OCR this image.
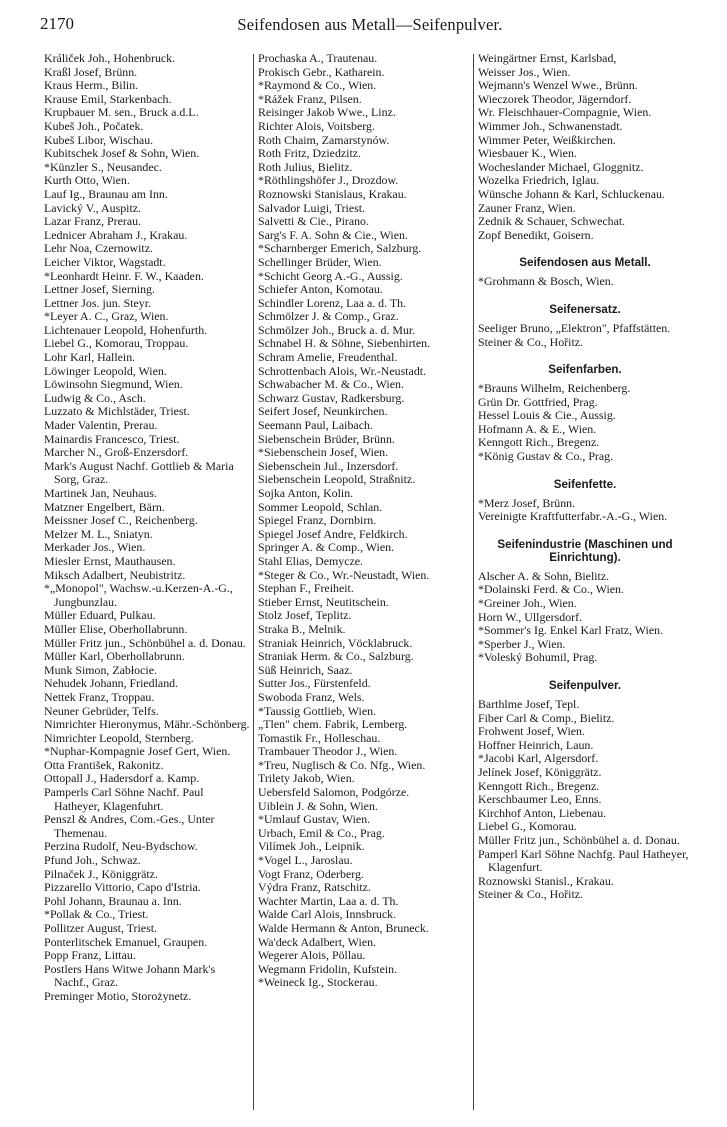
2170	Seifendosen aus Metall—Seifenpulver.
Králiček Joh., Hohenbruck.
Kraßl Josef, Brünn.
Kraus Herm., Bilin.
Krause Emil, Starkenbach.
Krupbauer M. sen., Bruck a.d.L.
Kubeš Joh., Počatek.
Kubeš Libor, Wischau.
Kubitschek Josef & Sohn, Wien.
*Künzler S., Neusandec.
Kurth Otto, Wien.
Lauf Ig., Braunau am Inn.
Lavický V., Auspitz.
Lazar Franz, Prerau.
Lednicer Abraham J., Krakau.
Lehr Noa, Czernowitz.
Leicher Viktor, Wagstadt.
*Leonhardt Heinr. F. W., Kaaden.
Lettner Josef, Sierning.
Lettner Jos. jun. Steyr.
*Leyer A. C., Graz, Wien.
Lichtenauer Leopold, Hohenfurth.
Liebel G., Komorau, Troppau.
Lohr Karl, Hallein.
Löwinger Leopold, Wien.
Löwinsohn Siegmund, Wien.
Ludwig & Co., Asch.
Luzzato & Michlstäder, Triest.
Mader Valentin, Prerau.
Mainardis Francesco, Triest.
Marcher N., Groß-Enzersdorf.
Mark's August Nachf. Gottlieb & Maria Sorg, Graz.
Martinek Jan, Neuhaus.
Matzner Engelbert, Bärn.
Meissner Josef C., Reichenberg.
Melzer M. L., Sniatyn.
Merkader Jos., Wien.
Miesler Ernst, Mauthausen.
Miksch Adalbert, Neubistritz.
*„Monopol", Wachsw.-u.Kerzen-A.-G., Jungbunzlau.
Müller Eduard, Pulkau.
Müller Elise, Oberhollabrunn.
Müller Fritz jun., Schönbühel a. d. Donau.
Müller Karl, Oberhollabrunn.
Munk Simon, Zabłocie.
Nehudek Johann, Friedland.
Nettek Franz, Troppau.
Neuner Gebrüder, Telfs.
Nimrichter Hieronymus, Mähr.-Schönberg.
Nimrichter Leopold, Sternberg.
*Nuphar-Kompagnie Josef Gert, Wien.
Otta František, Rakonitz.
Ottopall J., Hadersdorf a. Kamp.
Pamperls Carl Söhne Nachf. Paul Hatheyer, Klagenfuhrt.
Penszl & Andres, Com.-Ges., Unter Themenau.
Perzina Rudolf, Neu-Bydschow.
Pfund Joh., Schwaz.
Pilnaček J., Königgrätz.
Pizzarello Vittorio, Capo d'Istria.
Pohl Johann, Braunau a. Inn.
*Pollak & Co., Triest.
Pollitzer August, Triest.
Ponterlitschek Emanuel, Graupen.
Popp Franz, Littau.
Postlers Hans Witwe Johann Mark's Nachf., Graz.
Preminger Motio, Storożynetz.
Prochaska A., Trautenau.
Prokisch Gebr., Katharein.
*Raymond & Co., Wien.
*Rážek Franz, Pilsen.
Reisinger Jakob Wwe., Linz.
Richter Alois, Voitsberg.
Roth Chaim, Zamarstynów.
Roth Fritz, Dziedzitz.
Roth Julius, Bielitz.
*Röthlingshöfer J., Drozdow.
Roznowski Stanislaus, Krakau.
Salvador Luigi, Triest.
Salvetti & Cie., Pirano.
Sarg's F. A. Sohn & Cie., Wien.
*Scharnberger Emerich, Salzburg.
Schellinger Brüder, Wien.
*Schicht Georg A.-G., Aussig.
Schiefer Anton, Komotau.
Schindler Lorenz, Laa a. d. Th.
Schmölzer J. & Comp., Graz.
Schmölzer Joh., Bruck a. d. Mur.
Schnabel H. & Söhne, Siebenhirten.
Schram Amelie, Freudenthal.
Schrottenbach Alois, Wr.-Neustadt.
Schwabacher M. & Co., Wien.
Schwarz Gustav, Radkersburg.
Seifert Josef, Neunkirchen.
Seemann Paul, Laibach.
Siebenschein Brüder, Brünn.
*Siebenschein Josef, Wien.
Siebenschein Jul., Inzersdorf.
Siebenschein Leopold, Straßnitz.
Sojka Anton, Kolin.
Sommer Leopold, Schlan.
Spiegel Franz, Dornbirn.
Spiegel Josef Andre, Feldkirch.
Springer A. & Comp., Wien.
Stahl Elias, Demycze.
*Steger & Co., Wr.-Neustadt, Wien.
Stephan F., Freiheit.
Stieber Ernst, Neutitschein.
Stolz Josef, Teplitz.
Straka B., Melnik.
Straniak Heinrich, Vöcklabruck.
Straniak Herm. & Co., Salzburg.
Süß Heinrich, Saaz.
Sutter Jos., Fürstenfeld.
Swoboda Franz, Wels.
*Taussig Gottlieb, Wien.
„Tlen" chem. Fabrik, Lemberg.
Tomastik Fr., Holleschau.
Trambauer Theodor J., Wien.
*Treu, Nuglisch & Co. Nfg., Wien.
Trilety Jakob, Wien.
Uebersfeld Salomon, Podgórze.
Uiblein J. & Sohn, Wien.
*Umlauf Gustav, Wien.
Urbach, Emil & Co., Prag.
Vilímek Joh., Leipnik.
*Vogel L., Jaroslau.
Vogt Franz, Oderberg.
Výdra Franz, Ratschitz.
Wachter Martin, Laa a. d. Th.
Walde Carl Alois, Innsbruck.
Walde Hermann & Anton, Bruneck.
Wa'deck Adalbert, Wien.
Wegerer Alois, Pöllau.
Wegmann Fridolin, Kufstein.
*Weineck Ig., Stockerau.
Weingärtner Ernst, Karlsbad,
Weisser Jos., Wien.
Wejmann's Wenzel Wwe., Brünn.
Wieczorek Theodor, Jägerndorf.
Wr. Fleischhauer-Compagnie, Wien.
Wimmer Joh., Schwanenstadt.
Wimmer Peter, Weißkirchen.
Wiesbauer K., Wien.
Wocheslander Michael, Gloggnitz.
Wozelka Friedrich, Iglau.
Wünsche Johann & Karl, Schluckenau.
Zauner Franz, Wien.
Zednik & Schauer, Schwechat.
Zopf Benedikt, Goisern.
Seifendosen aus Metall.
*Grohmann & Bosch, Wien.
Seifenersatz.
Seeliger Bruno, „Elektron", Pfaffstätten.
Steiner & Co., Hořitz.
Seifenfarben.
*Brauns Wilhelm, Reichenberg.
Grün Dr. Gottfried, Prag.
Hessel Louis & Cie., Aussig.
Hofmann A. & E., Wien.
Kenngott Rich., Bregenz.
*König Gustav & Co., Prag.
Seifenfette.
*Merz Josef, Brünn.
Vereinigte Kraftfutterfabr.-A.-G., Wien.
Seifenindustrie (Maschinen und Einrichtung).
Alscher A. & Sohn, Bielitz.
*Dolainski Ferd. & Co., Wien.
*Greiner Joh., Wien.
Horn W., Ullgersdorf.
*Sommer's Ig. Enkel Karl Fratz, Wien.
*Sperber J., Wien.
*Voleský Bohumil, Prag.
Seifenpulver.
Barthlme Josef, Tepl.
Fiber Carl & Comp., Bielitz.
Frohwent Josef, Wien.
Hoffner Heinrich, Laun.
*Jacobi Karl, Algersdorf.
Jelínek Josef, Königgrätz.
Kenngott Rich., Bregenz.
Kerschbaumer Leo, Enns.
Kirchhof Anton, Liebenau.
Liebel G., Komorau.
Müller Fritz jun., Schönbühel a. d. Donau.
Pamperl Karl Söhne Nachfg. Paul Hatheyer, Klagenfurt.
Roznowski Stanisl., Krakau.
Steiner & Co., Hořitz.
